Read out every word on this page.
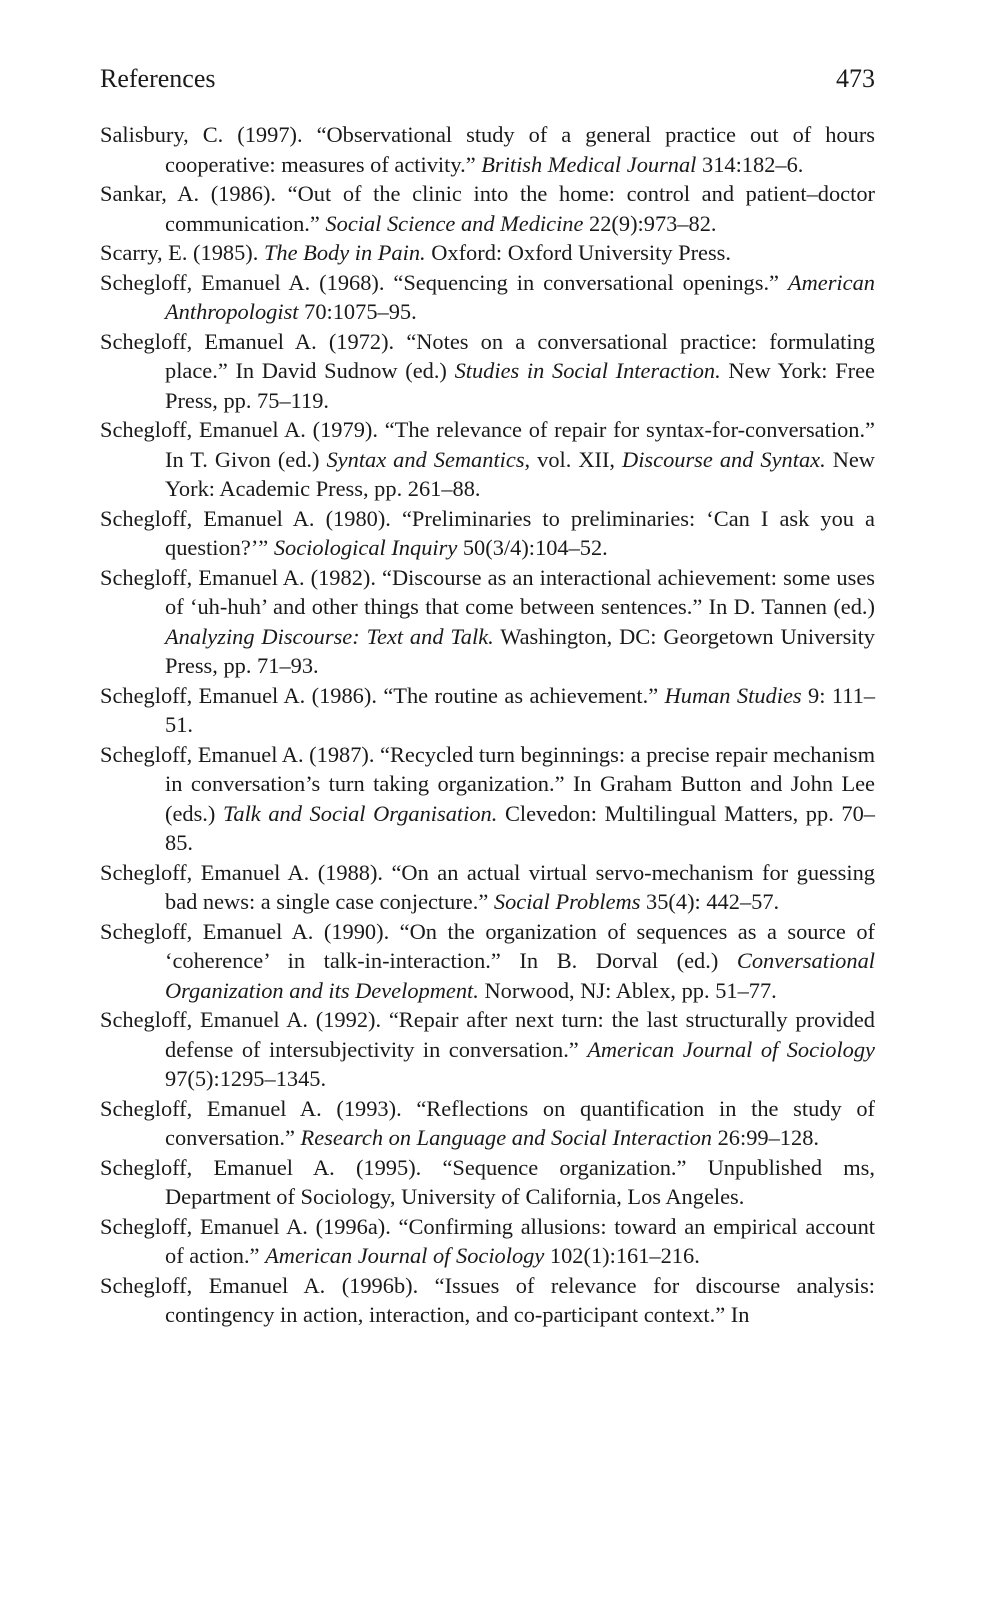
References	473
Salisbury, C. (1997). “Observational study of a general practice out of hours cooperative: measures of activity.” British Medical Journal 314:182–6.
Sankar, A. (1986). “Out of the clinic into the home: control and patient–doctor communication.” Social Science and Medicine 22(9):973–82.
Scarry, E. (1985). The Body in Pain. Oxford: Oxford University Press.
Schegloff, Emanuel A. (1968). “Sequencing in conversational openings.” American Anthropologist 70:1075–95.
Schegloff, Emanuel A. (1972). “Notes on a conversational practice: formulating place.” In David Sudnow (ed.) Studies in Social Interaction. New York: Free Press, pp. 75–119.
Schegloff, Emanuel A. (1979). “The relevance of repair for syntax-for-conversation.” In T. Givon (ed.) Syntax and Semantics, vol. XII, Discourse and Syntax. New York: Academic Press, pp. 261–88.
Schegloff, Emanuel A. (1980). “Preliminaries to preliminaries: ‘Can I ask you a question?’” Sociological Inquiry 50(3/4):104–52.
Schegloff, Emanuel A. (1982). “Discourse as an interactional achievement: some uses of ‘uh-huh’ and other things that come between sentences.” In D. Tannen (ed.) Analyzing Discourse: Text and Talk. Washington, DC: Georgetown University Press, pp. 71–93.
Schegloff, Emanuel A. (1986). “The routine as achievement.” Human Studies 9: 111–51.
Schegloff, Emanuel A. (1987). “Recycled turn beginnings: a precise repair mechanism in conversation’s turn taking organization.” In Graham Button and John Lee (eds.) Talk and Social Organisation. Clevedon: Multilingual Matters, pp. 70–85.
Schegloff, Emanuel A. (1988). “On an actual virtual servo-mechanism for guessing bad news: a single case conjecture.” Social Problems 35(4): 442–57.
Schegloff, Emanuel A. (1990). “On the organization of sequences as a source of ‘coherence’ in talk-in-interaction.” In B. Dorval (ed.) Conversational Organization and its Development. Norwood, NJ: Ablex, pp. 51–77.
Schegloff, Emanuel A. (1992). “Repair after next turn: the last structurally provided defense of intersubjectivity in conversation.” American Journal of Sociology 97(5):1295–1345.
Schegloff, Emanuel A. (1993). “Reflections on quantification in the study of conversation.” Research on Language and Social Interaction 26:99–128.
Schegloff, Emanuel A. (1995). “Sequence organization.” Unpublished ms, Department of Sociology, University of California, Los Angeles.
Schegloff, Emanuel A. (1996a). “Confirming allusions: toward an empirical account of action.” American Journal of Sociology 102(1):161–216.
Schegloff, Emanuel A. (1996b). “Issues of relevance for discourse analysis: contingency in action, interaction, and co-participant context.” In
